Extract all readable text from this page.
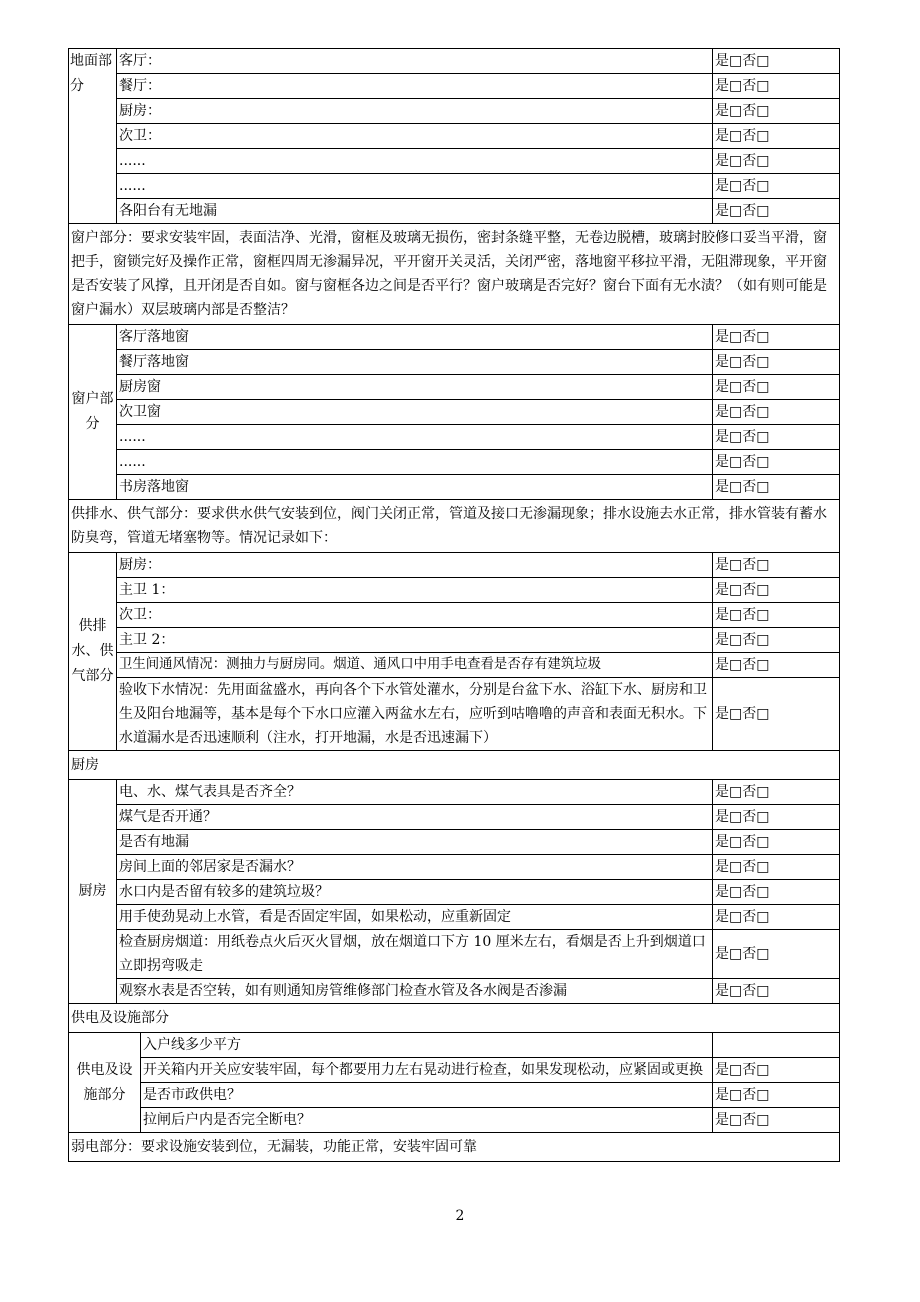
地面部分	客厅：		是□否□
	餐厅：		是□否□
	厨房：		是□否□
	次卫：		是□否□
	......		是□否□
	......		是□否□
	各阳台有无地漏		是□否□
窗户部分：要求安装牢固，表面洁净、光滑，窗框及玻璃无损伤，密封条缝平整，无卷边脱槽，玻璃封胶修口妥当平滑，窗把手，窗锁完好及操作正常，窗框四周无渗漏异况，平开窗开关灵活，关闭严密，落地窗平移拉平滑，无阻滞现象，平开窗是否安装了风撑，且开闭是否自如。窗与窗框各边之间是否平行？窗户玻璃是否完好？窗台下面有无水渍？（如有则可能是窗户漏水）双层玻璃内部是否整洁？			
窗户部分	客厅落地窗		是□否□
	餐厅落地窗		是□否□
	厨房窗		是□否□
	次卫窗		是□否□
	......		是□否□
	......		是□否□
	书房落地窗		是□否□
供排水、供气部分：要求供水供气安装到位，阀门关闭正常，管道及接口无渗漏现象；排水设施去水正常，排水管装有蓄水防臭弯，管道无堵塞物等。情况记录如下：			
供排水、供气部分	厨房：		是□否□
	主卫 1：		是□否□
	次卫：		是□否□
	主卫 2：		是□否□
	卫生间通风情况：测抽力与厨房同。烟道、通风口中用手电查看是否存有建筑垃圾		是□否□
	验收下水情况：先用面盆盛水，再向各个下水管处灌水，分别是台盆下水、浴缸下水、厨房和卫生及阳台地漏等，基本是每个下水口应灌入两盆水左右，应听到咕噜噜的声音和表面无积水。下水道漏水是否迅速顺利（注水，打开地漏，水是否迅速漏下）		是□否□
厨房			
厨房	电、水、煤气表具是否齐全？		是□否□
	煤气是否开通？		是□否□
	是否有地漏		是□否□
	房间上面的邻居家是否漏水？		是□否□
	水口内是否留有较多的建筑垃圾？		是□否□
	用手使劲晃动上水管，看是否固定牢固，如果松动，应重新固定		是□否□
	检查厨房烟道：用纸卷点火后灭火冒烟，放在烟道口下方 10 厘米左右，看烟是否上升到烟道口立即拐弯吸走		是□否□
	观察水表是否空转，如有则通知房管维修部门检查水管及各水阀是否渗漏		是□否□
供电及设施部分			
供电及设施部分		入户线多少平方	
		开关箱内开关应安装牢固，每个都要用力左右晃动进行检查，如果发现松动，应紧固或更换	是□否□
		是否市政供电？	是□否□
		拉闸后户内是否完全断电？	是□否□
弱电部分：要求设施安装到位，无漏装，功能正常，安装牢固可靠			
2
